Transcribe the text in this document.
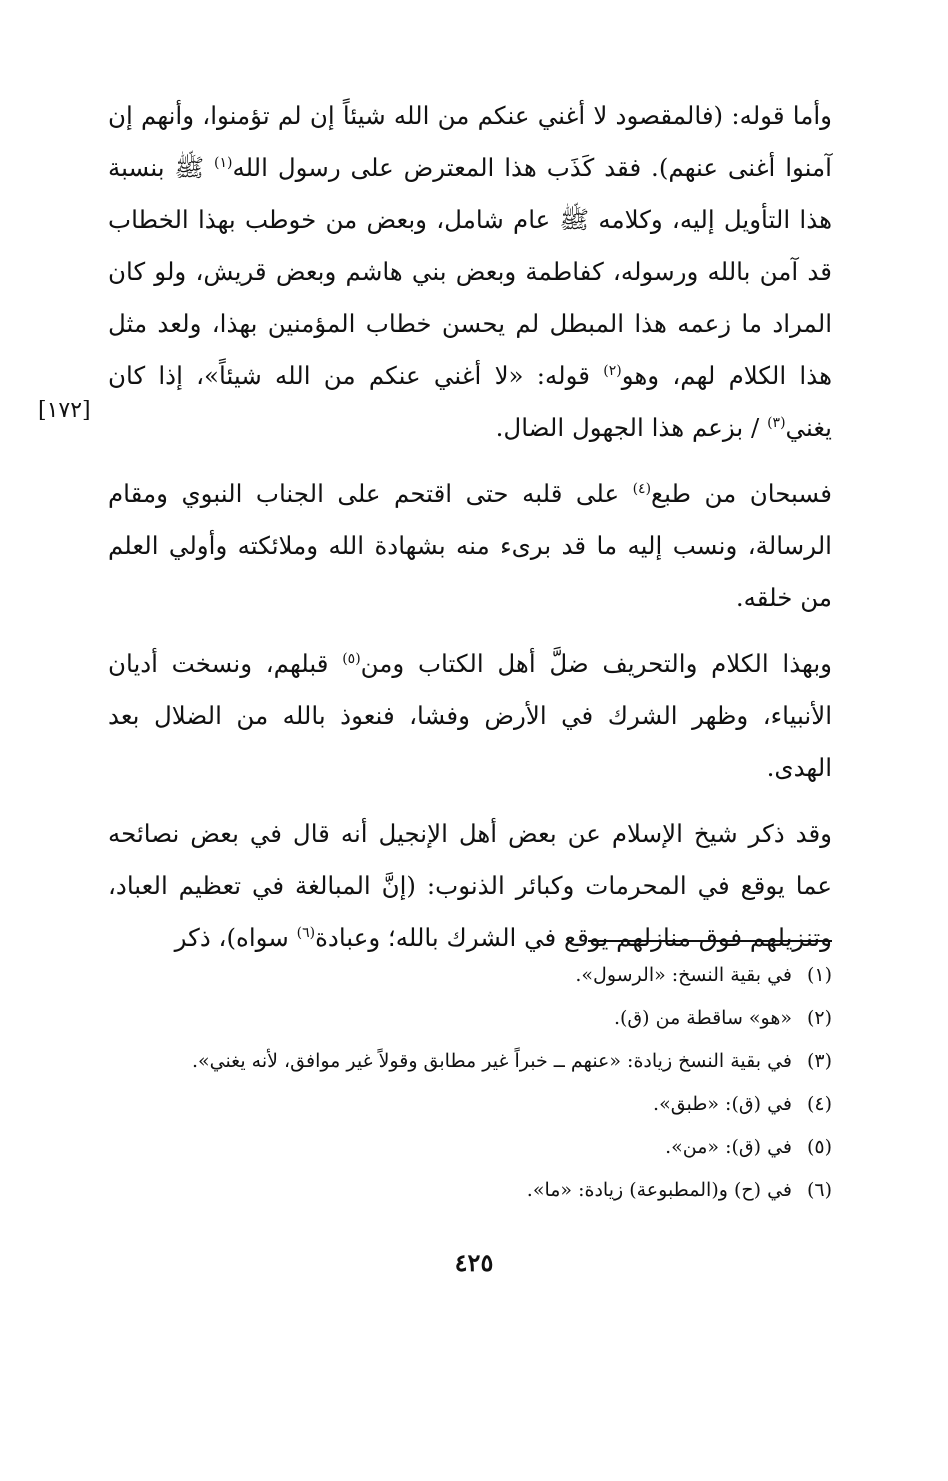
وأما قوله: (فالمقصود لا أغني عنكم من الله شيئاً إن لم تؤمنوا، وأنهم إن آمنوا أغنى عنهم). فقد كَذَب هذا المعترض على رسول الله$^{(١)}$ ﷺ بنسبة هذا التأويل إليه، وكلامه ﷺ عام شامل، وبعض من خوطب بهذا الخطاب قد آمن بالله ورسوله، كفاطمة وبعض بني هاشم وبعض قريش، ولو كان المراد ما زعمه هذا المبطل لم يحسن خطاب المؤمنين بهذا، ولعد مثل هذا الكلام لهم، وهو$^{(٢)}$ قوله: «لا أغني عنكم من الله شيئاً»، إذا كان يغني$^{(٣)}$ / بزعم هذا الجهول الضال.

فسبحان من طبع$^{(٤)}$ على قلبه حتى اقتحم على الجناب النبوي ومقام الرسالة، ونسب إليه ما قد برىء منه بشهادة الله وملائكته وأولي العلم من خلقه.

وبهذا الكلام والتحريف ضلَّ أهل الكتاب ومن$^{(٥)}$ قبلهم، ونسخت أديان الأنبياء، وظهر الشرك في الأرض وفشا، فنعوذ بالله من الضلال بعد الهدى.

وقد ذكر شيخ الإسلام عن بعض أهل الإنجيل أنه قال في بعض نصائحه عما يوقع في المحرمات وكبائر الذنوب: (إنَّ المبالغة في تعظيم العباد، وتنزيلهم فوق منازلهم يوقع في الشرك بالله؛ وعبادة$^{(٦)}$ سواه)، ذكر

[١٧٢]
(١)في بقية النسخ: «الرسول».
(٢)«هو» ساقطة من (ق).
(٣)في بقية النسخ زيادة: «عنهم ــ خبراً غير مطابق وقولاً غير موافق، لأنه يغني».
(٤)في (ق): «طبق».
(٥)في (ق): «من».
(٦)في (ح) و(المطبوعة) زيادة: «ما».
٤٢٥
